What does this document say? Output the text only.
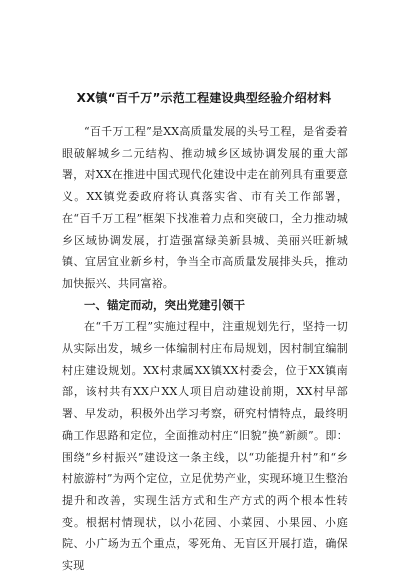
XX镇“百千万”示范工程建设典型经验介绍材料

“百千万工程”是XX高质量发展的头号工程，是省委着眼破解城乡二元结构、推动城乡区域协调发展的重大部署，对XX在推进中国式现代化建设中走在前列具有重要意义。XX镇党委政府将认真落实省、市有关工作部署，在“百千万工程”框架下找准着力点和突破口，全力推动城乡区域协调发展，打造强富绿美新县城、美丽兴旺新城镇、宜居宜业新乡村，争当全市高质量发展排头兵，推动加快振兴、共同富裕。

一、锚定而动，突出党建引领干

在“千万工程”实施过程中，注重规划先行，坚持一切从实际出发，城乡一体编制村庄布局规划，因村制宜编制村庄建设规划。XX村隶属XX镇XX村委会，位于XX镇南部，该村共有XX户XX人项目启动建设前期，XX村早部署、早发动，积极外出学习考察，研究村情特点，最终明确工作思路和定位，全面推动村庄“旧貌”换“新颜”。即：围绕“乡村振兴”建设这一条主线，以“功能提升村”和“乡村旅游村”为两个定位，立足优势产业，实现环境卫生整治提升和改善，实现生活方式和生产方式的两个根本性转变。根据村情现状，以小花园、小菜园、小果园、小庭院、小广场为五个重点，零死角、无盲区开展打造，确保实现
